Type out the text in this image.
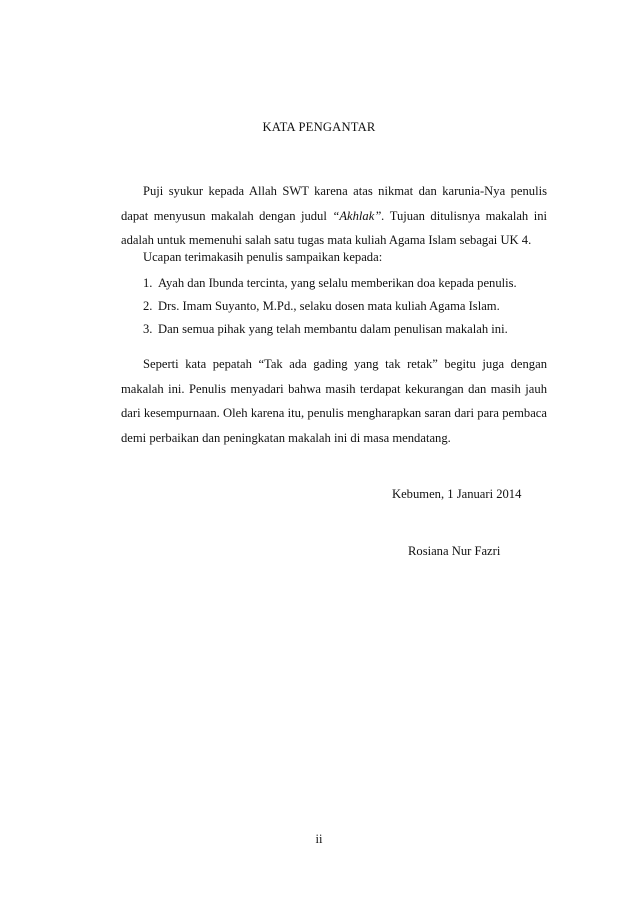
KATA PENGANTAR

Puji syukur kepada Allah SWT karena atas nikmat dan karunia-Nya penulis dapat menyusun makalah dengan judul “Akhlak”. Tujuan ditulisnya makalah ini adalah untuk memenuhi salah satu tugas mata kuliah Agama Islam sebagai UK 4.

Ucapan terimakasih penulis sampaikan kepada:

1. Ayah dan Ibunda tercinta, yang selalu memberikan doa kepada penulis.
2. Drs. Imam Suyanto, M.Pd., selaku dosen mata kuliah Agama Islam.
3. Dan semua pihak yang telah membantu dalam penulisan makalah ini.

Seperti kata pepatah “Tak ada gading yang tak retak” begitu juga dengan makalah ini. Penulis menyadari bahwa masih terdapat kekurangan dan masih jauh dari kesempurnaan. Oleh karena itu, penulis mengharapkan saran dari para pembaca demi perbaikan dan peningkatan makalah ini di masa mendatang.

Kebumen, 1 Januari 2014
Rosiana Nur Fazri
ii
